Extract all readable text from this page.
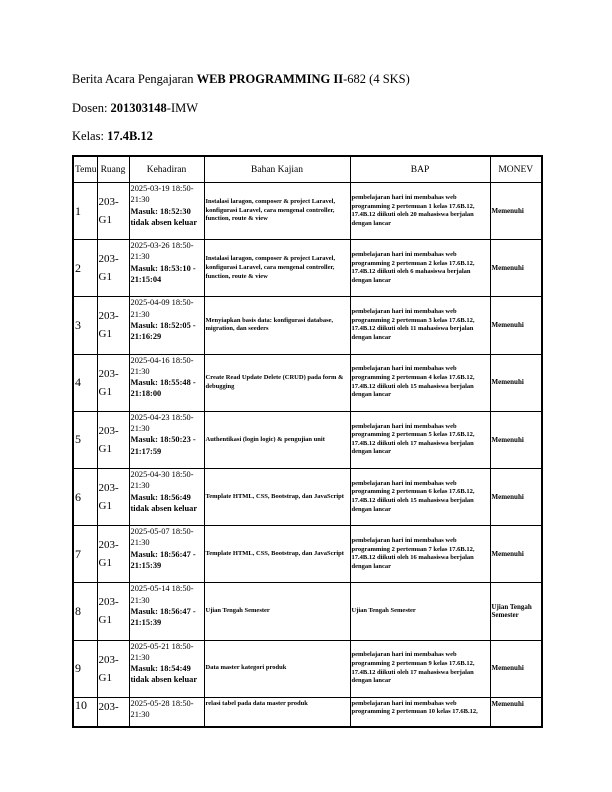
Berita Acara Pengajaran WEB PROGRAMMING II-682 (4 SKS)
Dosen: 201303148-IMW
Kelas: 17.4B.12
Temu	Ruang	Kehadiran	Bahan Kajian	BAP	MONEV
1	203-G1	2025-03-19 18:50-21:30
Masuk: 18:52:30
tidak absen keluar	Instalasi laragon, composer & project Laravel, konfigurasi Laravel, cara mengenal controller, function, route & view	pembelajaran hari ini membahas web programming 2 pertemuan 1 kelas 17.6B.12, 17.4B.12 diikuti oleh 20 mahasiswa berjalan dengan lancar	Memenuhi
2	203-G1	2025-03-26 18:50-21:30
Masuk: 18:53:10 - 21:15:04	Instalasi laragon, composer & project Laravel, konfigurasi Laravel, cara mengenal controller, function, route & view	pembelajaran hari ini membahas web programming 2 pertemuan 2 kelas 17.6B.12, 17.4B.12 diikuti oleh 6 mahasiswa berjalan dengan lancar	Memenuhi
3	203-G1	2025-04-09 18:50-21:30
Masuk: 18:52:05 - 21:16:29	Menyiapkan basis data: konfigurasi database, migration, dan seeders	pembelajaran hari ini membahas web programming 2 pertemuan 3 kelas 17.6B.12, 17.4B.12 diikuti oleh 11 mahasiswa berjalan dengan lancar	Memenuhi
4	203-G1	2025-04-16 18:50-21:30
Masuk: 18:55:48 - 21:18:00	Create Read Update Delete (CRUD) pada form & debugging	pembelajaran hari ini membahas web programming 2 pertemuan 4 kelas 17.6B.12, 17.4B.12 diikuti oleh 15 mahasiswa berjalan dengan lancar	Memenuhi
5	203-G1	2025-04-23 18:50-21:30
Masuk: 18:50:23 - 21:17:59	Authentikasi (login logic) & pengujian unit	pembelajaran hari ini membahas web programming 2 pertemuan 5 kelas 17.6B.12, 17.4B.12 diikuti oleh 17 mahasiswa berjalan dengan lancar	Memenuhi
6	203-G1	2025-04-30 18:50-21:30
Masuk: 18:56:49
tidak absen keluar	Template HTML, CSS, Bootstrap, dan JavaScript	pembelajaran hari ini membahas web programming 2 pertemuan 6 kelas 17.6B.12, 17.4B.12 diikuti oleh 15 mahasiswa berjalan dengan lancar	Memenuhi
7	203-G1	2025-05-07 18:50-21:30
Masuk: 18:56:47 - 21:15:39	Template HTML, CSS, Bootstrap, dan JavaScript	pembelajaran hari ini membahas web programming 2 pertemuan 7 kelas 17.6B.12, 17.4B.12 diikuti oleh 16 mahasiswa berjalan dengan lancar	Memenuhi
8	203-G1	2025-05-14 18:50-21:30
Masuk: 18:56:47 - 21:15:39	Ujian Tengah Semester	Ujian Tengah Semester	Ujian Tengah Semester
9	203-G1	2025-05-21 18:50-21:30
Masuk: 18:54:49
tidak absen keluar	Data master kategori produk	pembelajaran hari ini membahas web programming 2 pertemuan 9 kelas 17.6B.12, 17.4B.12 diikuti oleh 17 mahasiswa berjalan dengan lancar	Memenuhi
10	203-	2025-05-28 18:50-21:30	relasi tabel pada data master produk	pembelajaran hari ini membahas web programming 2 pertemuan 10 kelas 17.6B.12,	Memenuhi
